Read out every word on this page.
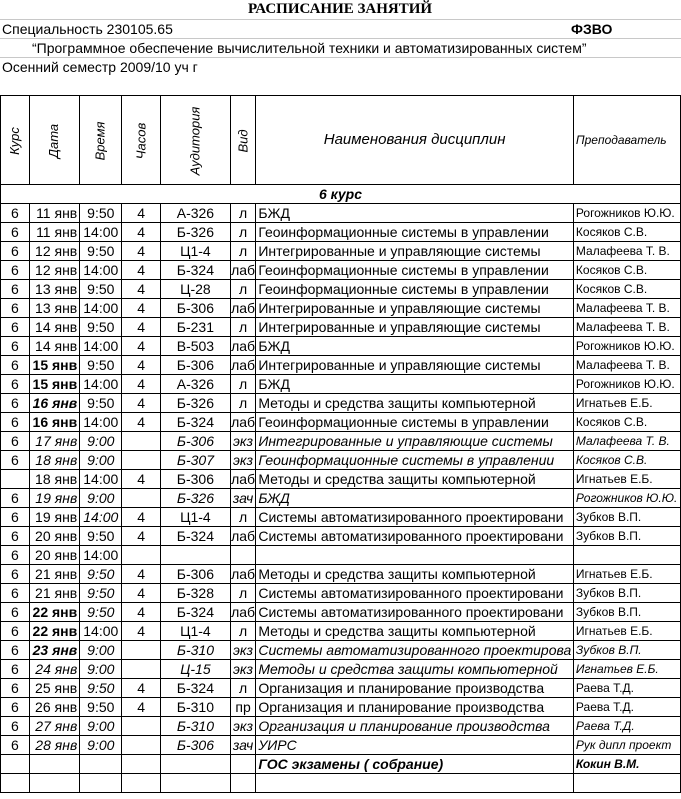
РАСПИСАНИЕ ЗАНЯТИЙ
Специальность 230105.65	ФЗВО
“Программное обеспечение вычислительной техники и автоматизированных систем”
Осенний семестр 2009/10 уч г
Курс	Дата	Время	Часов	Аудитория	Вид	Наименования дисциплин	Преподаватель
6 курс							
6	11 янв	9:50	4	А-326	л	БЖД	Рогожников Ю.Ю.
6	11 янв	14:00	4	Б-326	л	Геоинформационные системы в управлении	Косяков С.В.
6	12 янв	9:50	4	Ц1-4	л	Интегрированные и управляющие системы	Малафеева Т. В.
6	12 янв	14:00	4	Б-324	лаб	Геоинформационные системы в управлении	Косяков С.В.
6	13 янв	9:50	4	Ц-28	л	Геоинформационные системы в управлении	Косяков С.В.
6	13 янв	14:00	4	Б-306	лаб	Интегрированные и управляющие системы	Малафеева Т. В.
6	14 янв	9:50	4	Б-231	л	Интегрированные и управляющие системы	Малафеева Т. В.
6	14 янв	14:00	4	В-503	лаб	БЖД	Рогожников Ю.Ю.
6	15 янв	9:50	4	Б-306	лаб	Интегрированные и управляющие системы	Малафеева Т. В.
6	15 янв	14:00	4	А-326	л	БЖД	Рогожников Ю.Ю.
6	16 янв	9:50	4	Б-326	л	Методы и средства защиты компьютерной	Игнатьев Е.Б.
6	16 янв	14:00	4	Б-324	лаб	Геоинформационные системы в управлении	Косяков С.В.
6	17 янв	9:00		Б-306	экз	Интегрированные и управляющие системы	Малафеева Т. В.
6	18 янв	9:00		Б-307	экз	Геоинформационные системы в управлении	Косяков С.В.
	18 янв	14:00	4	Б-306	лаб	Методы и средства защиты компьютерной	Игнатьев Е.Б.
6	19 янв	9:00		Б-326	зач	БЖД	Рогожников Ю.Ю.
6	19 янв	14:00	4	Ц1-4	л	Системы автоматизированного проектировани	Зубков В.П.
6	20 янв	9:50	4	Б-324	лаб	Системы автоматизированного проектировани	Зубков В.П.
6	20 янв	14:00					
6	21 янв	9:50	4	Б-306	лаб	Методы и средства защиты компьютерной	Игнатьев Е.Б.
6	21 янв	9:50	4	Б-328	л	Системы автоматизированного проектировани	Зубков В.П.
6	22 янв	9:50	4	Б-324	лаб	Системы автоматизированного проектировани	Зубков В.П.
6	22 янв	14:00	4	Ц1-4	л	Методы и средства защиты компьютерной	Игнатьев Е.Б.
6	23 янв	9:00		Б-310	экз	Системы автоматизированного проектирова	Зубков В.П.
6	24 янв	9:00		Ц-15	экз	Методы и средства защиты компьютерной	Игнатьев Е.Б.
6	25 янв	9:50	4	Б-324	л	Организация и планирование производства	Раева Т.Д.
6	26 янв	9:50	4	Б-310	пр	Организация и планирование производства	Раева Т.Д.
6	27 янв	9:00		Б-310	экз	Организация и планирование производства	Раева Т.Д.
6	28 янв	9:00		Б-306	зач	УИРС	Рук дипл проект
						ГОС экзамены ( собрание)	Кокин В.М.
